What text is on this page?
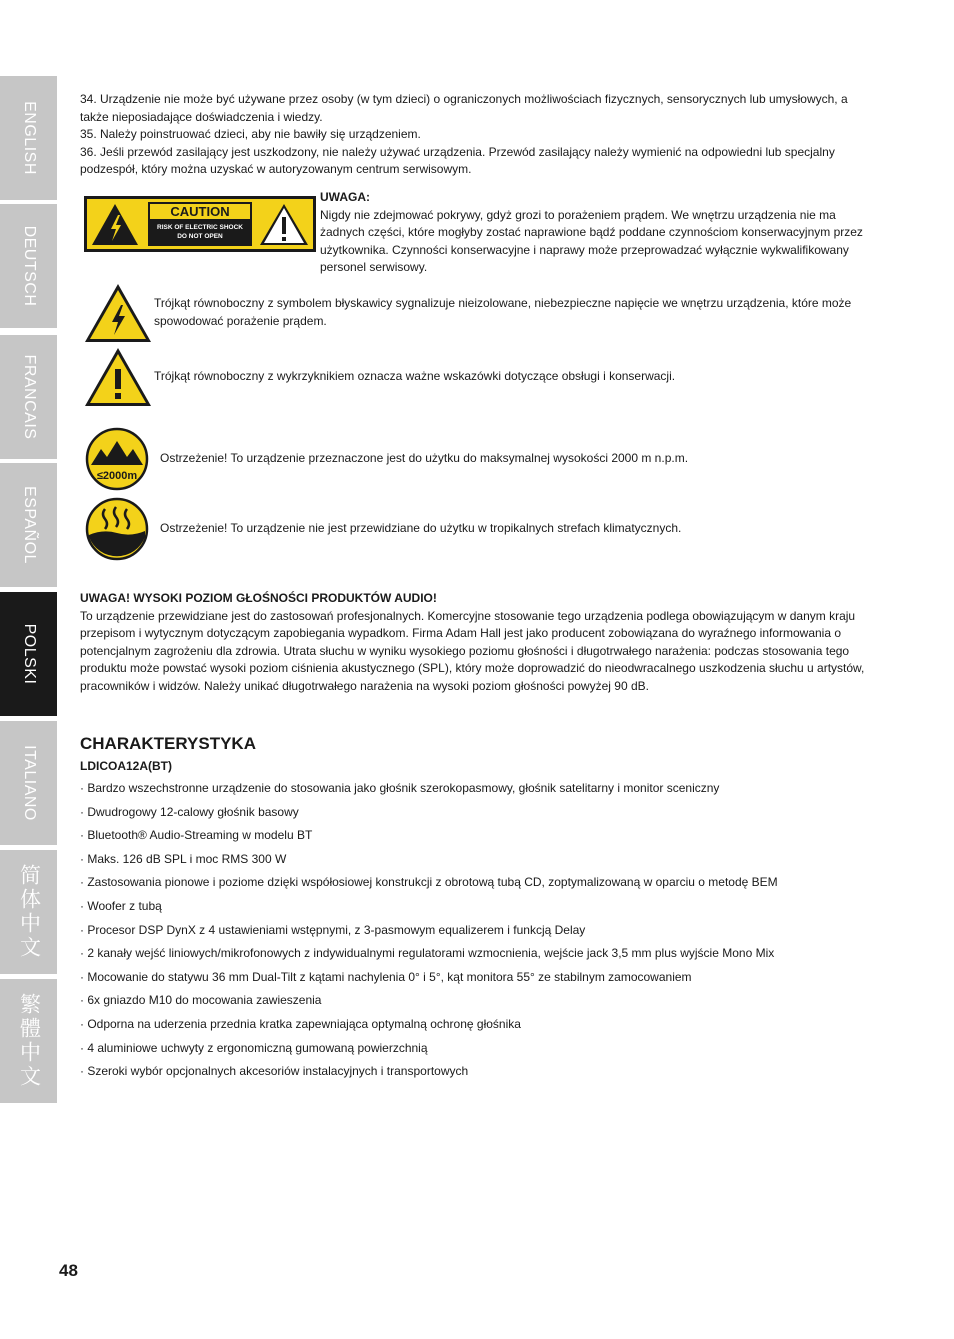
ENGLISH
DEUTSCH
FRANCAIS
ESPAÑOL
POLSKI
ITALIANO
简体中文
繁體中文

34. Urządzenie nie może być używane przez osoby (w tym dzieci) o ograniczonych możliwościach fizycznych, sensorycznych lub umysłowych, a także nieposiadające doświadczenia i wiedzy.

35. Należy poinstruować dzieci, aby nie bawiły się urządzeniem.

36. Jeśli przewód zasilający jest uszkodzony, nie należy używać urządzenia. Przewód zasilający należy wymienić na odpowiedni lub specjalny podzespół, który można uzyskać w autoryzowanym centrum serwisowym.

CAUTION
RISK OF ELECTRIC SHOCK
DO NOT OPEN
UWAGA:
Nigdy nie zdejmować pokrywy, gdyż grozi to porażeniem prądem. We wnętrzu urządzenia nie ma żadnych części, które mogłyby zostać naprawione bądź poddane czynnościom konserwacyjnym przez użytkownika. Czynności konserwacyjne i naprawy może przeprowadzać wyłącznie wykwalifikowany personel serwisowy.
Trójkąt równoboczny z symbolem błyskawicy sygnalizuje nieizolowane, niebezpieczne napięcie we wnętrzu urządzenia, które może spowodować porażenie prądem.
Trójkąt równoboczny z wykrzyknikiem oznacza ważne wskazówki dotyczące obsługi i konserwacji.
≤2000m
Ostrzeżenie! To urządzenie przeznaczone jest do użytku do maksymalnej wysokości 2000 m n.p.m.
Ostrzeżenie! To urządzenie nie jest przewidziane do użytku w tropikalnych strefach klimatycznych.
UWAGA! WYSOKI POZIOM GŁOŚNOŚCI PRODUKTÓW AUDIO!
To urządzenie przewidziane jest do zastosowań profesjonalnych. Komercyjne stosowanie tego urządzenia podlega obowiązującym w danym kraju przepisom i wytycznym dotyczącym zapobiegania wypadkom. Firma Adam Hall jest jako producent zobowiązana do wyraźnego informowania o potencjalnym zagrożeniu dla zdrowia. Utrata słuchu w wyniku wysokiego poziomu głośności i długotrwałego narażenia: podczas stosowania tego produktu może powstać wysoki poziom ciśnienia akustycznego (SPL), który może doprowadzić do nieodwracalnego uszkodzenia słuchu u artystów, pracowników i widzów. Należy unikać długotrwałego narażenia na wysoki poziom głośności powyżej 90 dB.
CHARAKTERYSTYKA
LDICOA12A(BT)
· Bardzo wszechstronne urządzenie do stosowania jako głośnik szerokopasmowy, głośnik satelitarny i monitor sceniczny
· Dwudrogowy 12-calowy głośnik basowy
· Bluetooth® Audio-Streaming w modelu BT
· Maks. 126 dB SPL i moc RMS 300 W
· Zastosowania pionowe i poziome dzięki współosiowej konstrukcji z obrotową tubą CD, zoptymalizowaną w oparciu o metodę BEM
· Woofer z tubą
· Procesor DSP DynX z 4 ustawieniami wstępnymi, z 3-pasmowym equalizerem i funkcją Delay
· 2 kanały wejść liniowych/mikrofonowych z indywidualnymi regulatorami wzmocnienia, wejście jack 3,5 mm plus wyjście Mono Mix
· Mocowanie do statywu 36 mm Dual-Tilt z kątami nachylenia 0° i 5°, kąt monitora 55° ze stabilnym zamocowaniem
· 6x gniazdo M10 do mocowania zawieszenia
· Odporna na uderzenia przednia kratka zapewniająca optymalną ochronę głośnika
· 4 aluminiowe uchwyty z ergonomiczną gumowaną powierzchnią
· Szeroki wybór opcjonalnych akcesoriów instalacyjnych i transportowych
48
